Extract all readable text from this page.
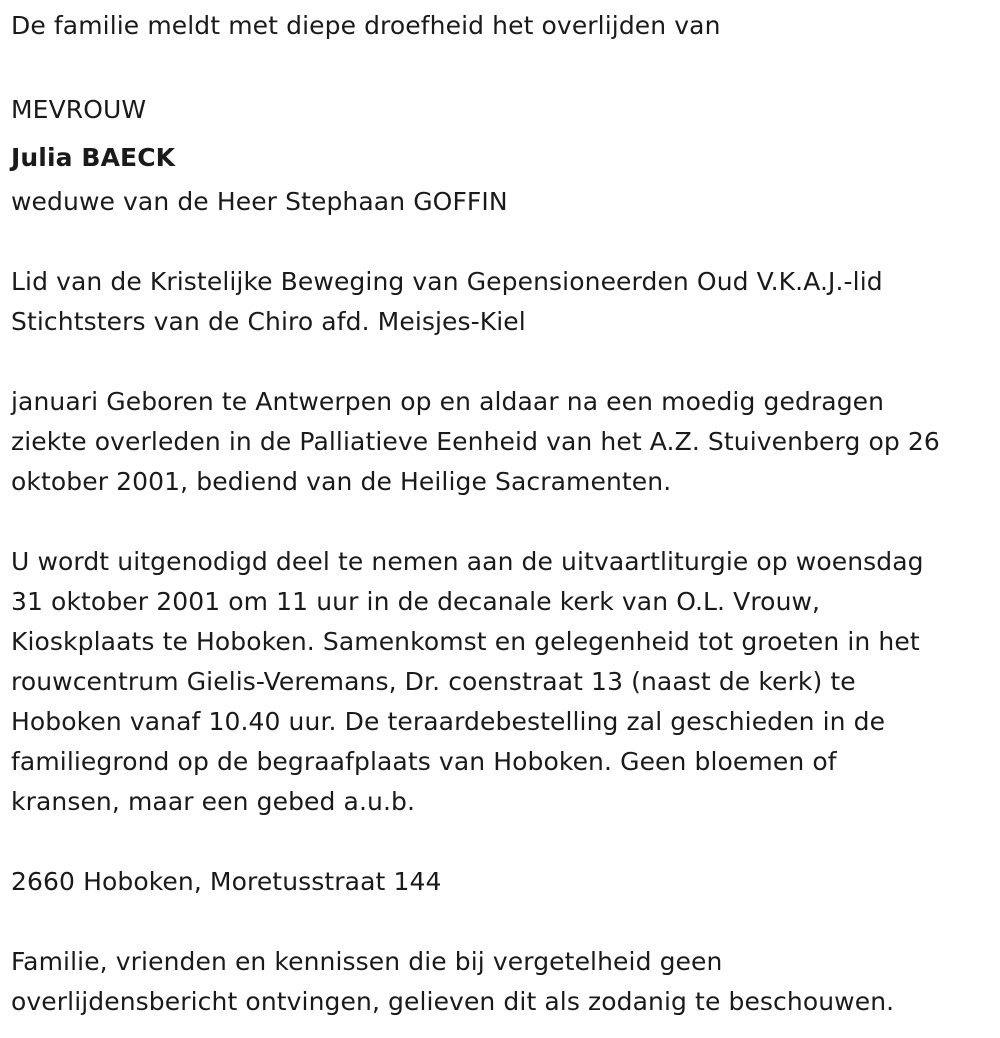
De familie meldt met diepe droefheid het overlijden van
MEVROUW
Julia BAECK
weduwe van de Heer Stephaan GOFFIN
Lid van de Kristelijke Beweging van Gepensioneerden Oud V.K.A.J.-lid
Stichtsters van de Chiro afd. Meisjes-Kiel
januari Geboren te Antwerpen op en aldaar na een moedig gedragen
ziekte overleden in de Palliatieve Eenheid van het A.Z. Stuivenberg op 26
oktober 2001, bediend van de Heilige Sacramenten.
U wordt uitgenodigd deel te nemen aan de uitvaartliturgie op woensdag
31 oktober 2001 om 11 uur in de decanale kerk van O.L. Vrouw,
Kioskplaats te Hoboken. Samenkomst en gelegenheid tot groeten in het
rouwcentrum Gielis-Veremans, Dr. coenstraat 13 (naast de kerk) te
Hoboken vanaf 10.40 uur. De teraardebestelling zal geschieden in de
familiegrond op de begraafplaats van Hoboken. Geen bloemen of
kransen, maar een gebed a.u.b.
2660 Hoboken, Moretusstraat 144
Familie, vrienden en kennissen die bij vergetelheid geen
overlijdensbericht ontvingen, gelieven dit als zodanig te beschouwen.
